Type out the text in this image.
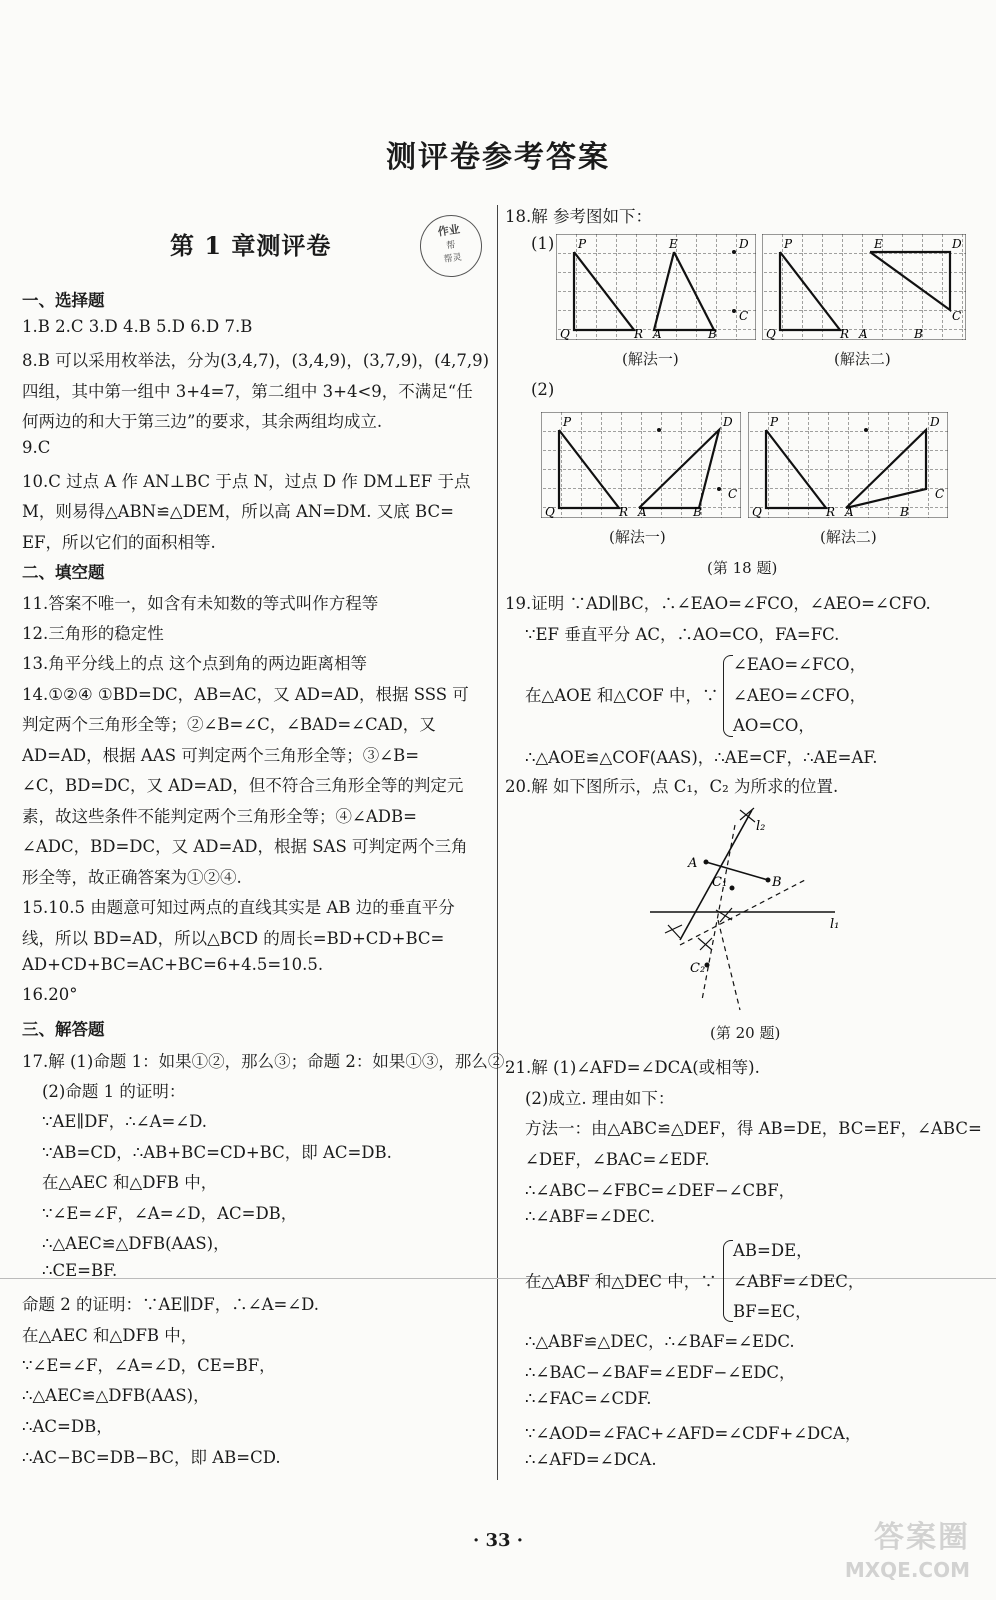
测评卷参考答案
第 1 章测评卷
作业
帮
帮灵
一、选择题
1.B 2.C 3.D 4.B 5.D 6.D 7.B
8.B 可以采用枚举法，分为(3,4,7)，(3,4,9)，(3,7,9)，(4,7,9)
四组，其中第一组中 3+4=7，第二组中 3+4<9，不满足“任
何两边的和大于第三边”的要求，其余两组均成立.
9.C
10.C 过点 A 作 AN⊥BC 于点 N，过点 D 作 DM⊥EF 于点
M，则易得△ABN≌△DEM，所以高 AN=DM. 又底 BC=
EF，所以它们的面积相等.
二、填空题
11.答案不唯一，如含有未知数的等式叫作方程等
12.三角形的稳定性
13.角平分线上的点 这个点到角的两边距离相等
14.①②④ ①BD=DC，AB=AC，又 AD=AD，根据 SSS 可
判定两个三角形全等；②∠B=∠C，∠BAD=∠CAD，又
AD=AD，根据 AAS 可判定两个三角形全等；③∠B=
∠C，BD=DC，又 AD=AD，但不符合三角形全等的判定元
素，故这些条件不能判定两个三角形全等；④∠ADB=
∠ADC，BD=DC，又 AD=AD，根据 SAS 可判定两个三角
形全等，故正确答案为①②④.
15.10.5 由题意可知过两点的直线其实是 AB 边的垂直平分
线，所以 BD=AD，所以△BCD 的周长=BD+CD+BC=
AD+CD+BC=AC+BC=6+4.5=10.5.
16.20°
三、解答题
17.解 (1)命题 1：如果①②，那么③；命题 2：如果①③，那么②.
(2)命题 1 的证明：
∵AE∥DF，∴∠A=∠D.
∵AB=CD，∴AB+BC=CD+BC，即 AC=DB.
在△AEC 和△DFB 中，
∵∠E=∠F，∠A=∠D，AC=DB，
∴△AEC≌△DFB(AAS)，
∴CE=BF.
命题 2 的证明：∵AE∥DF，∴∠A=∠D.
在△AEC 和△DFB 中，
∵∠E=∠F，∠A=∠D，CE=BF，
∴△AEC≌△DFB(AAS)，
∴AC=DB，
∴AC−BC=DB−BC，即 AB=CD.
18.解 参考图如下：
(1)
(2)
19.证明 ∵AD∥BC，∴∠EAO=∠FCO，∠AEO=∠CFO.
∵EF 垂直平分 AC，∴AO=CO，FA=FC.
在△AOE 和△COF 中，∵
∠EAO=∠FCO，
∠AEO=∠CFO，
AO=CO，
∴△AOE≌△COF(AAS)，∴AE=CF，∴AE=AF.
20.解 如下图所示，点 C₁，C₂ 为所求的位置.
21.解 (1)∠AFD=∠DCA(或相等).
(2)成立. 理由如下：
方法一：由△ABC≌△DEF，得 AB=DE，BC=EF，∠ABC=
∠DEF，∠BAC=∠EDF.
∴∠ABC−∠FBC=∠DEF−∠CBF，
∴∠ABF=∠DEC.
在△ABF 和△DEC 中，∵
AB=DE，
∠ABF=∠DEC，
BF=EC，
∴△ABF≌△DEC，∴∠BAF=∠EDC.
∴∠BAC−∠BAF=∠EDF−∠EDC，
∴∠FAC=∠CDF.
∵∠AOD=∠FAC+∠AFD=∠CDF+∠DCA，
∴∠AFD=∠DCA.
P	E	D
Q	R A	B
C
P	E	D
Q	R A	B
C
(解法一)	(解法二)
P	D
Q	R A	B
C
P	D
Q	R A	B
C
(解法一)	(解法二)
(第 18 题)
l₂
A
B
C₁
l₁
C₂
(第 20 题)
· 33 ·	答案圈
MXQE.COM
